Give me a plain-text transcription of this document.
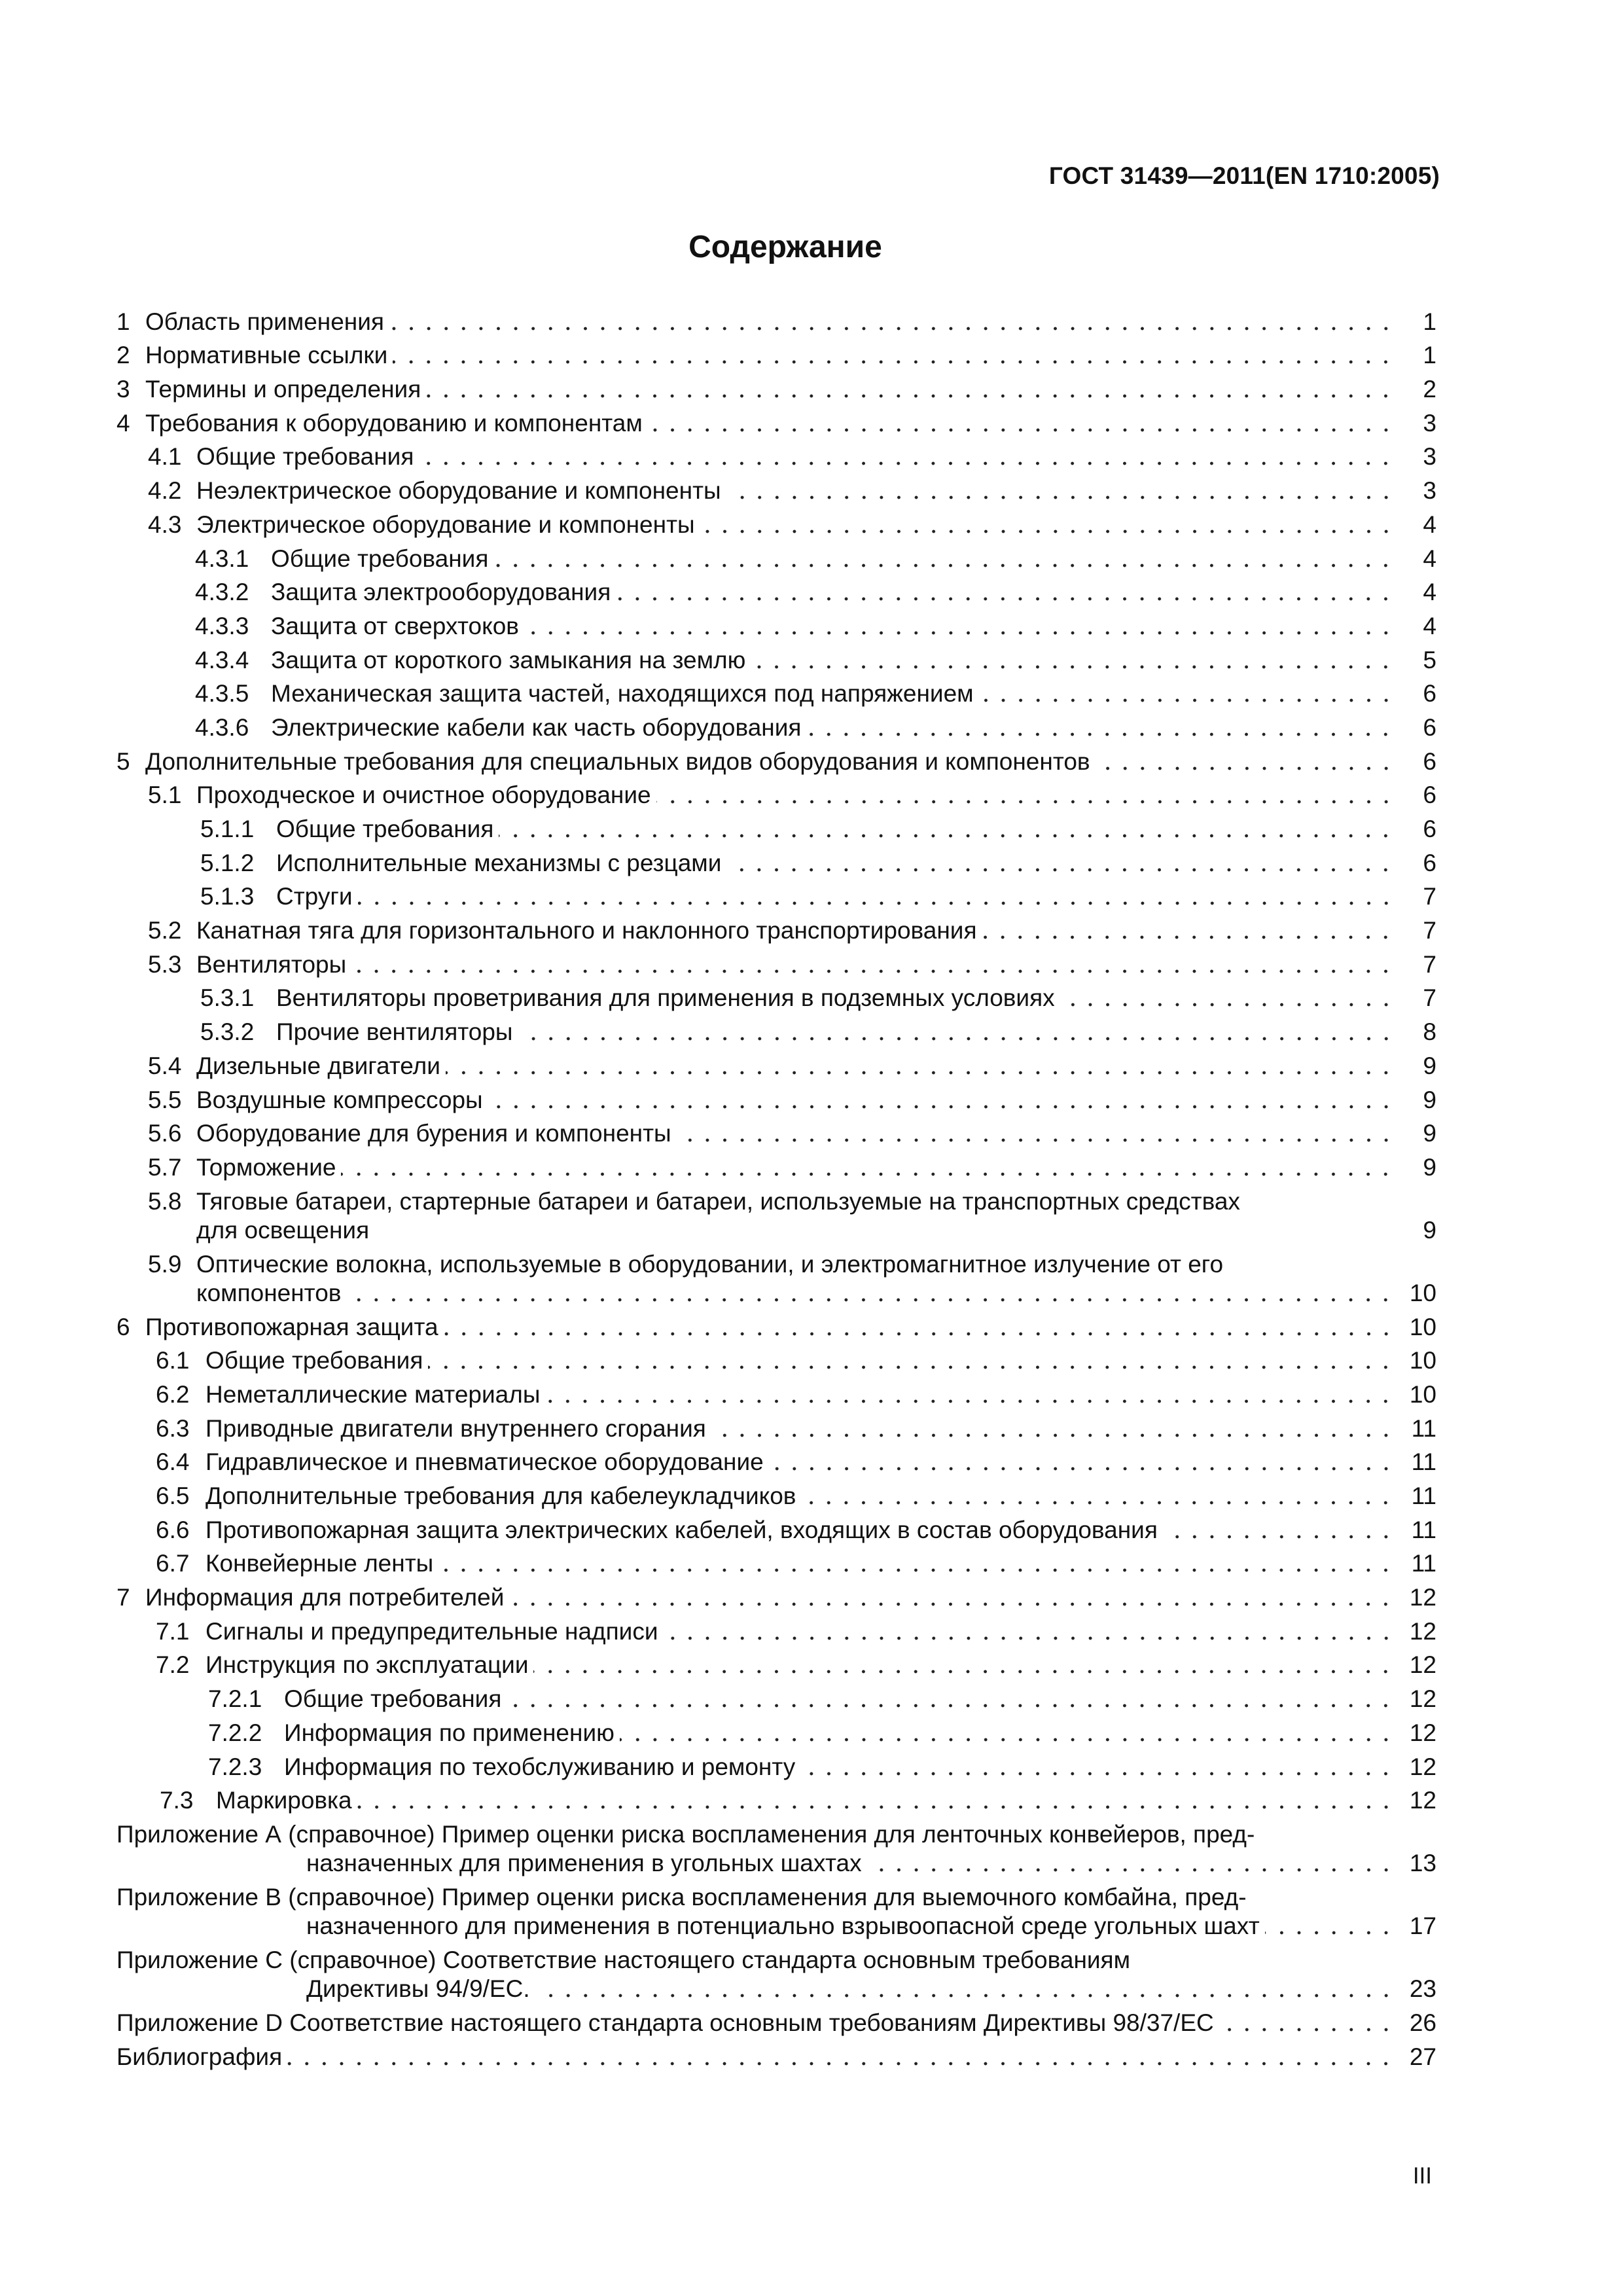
ГОСТ 31439—2011(EN 1710:2005)
Содержание
1 Область применения	1
2 Нормативные ссылки	1
3 Термины и определения	2
4 Требования к оборудованию и компонентам	3
4.1 Общие требования	3
4.2 Неэлектрическое оборудование и компоненты	3
4.3 Электрическое оборудование и компоненты	4
4.3.1 Общие требования	4
4.3.2 Защита электрооборудования	4
4.3.3 Защита от сверхтоков	4
4.3.4 Защита от короткого замыкания на землю	5
4.3.5 Механическая защита частей, находящихся под напряжением	6
4.3.6 Электрические кабели как часть оборудования	6
5 Дополнительные требования для специальных видов оборудования и компонентов	6
5.1 Проходческое и очистное оборудование	6
5.1.1 Общие требования	6
5.1.2 Исполнительные механизмы с резцами	6
5.1.3 Струги	7
5.2 Канатная тяга для горизонтального и наклонного транспортирования	7
5.3 Вентиляторы	7
5.3.1 Вентиляторы проветривания для применения в подземных условиях	7
5.3.2 Прочие вентиляторы	8
5.4 Дизельные двигатели	9
5.5 Воздушные компрессоры	9
5.6 Оборудование для бурения и компоненты	9
5.7 Торможение	9
5.8 Тяговые батареи, стартерные батареи и батареи, используемые на транспортных средствах
для освещения	9
5.9 Оптические волокна, используемые в оборудовании, и электромагнитное излучение от его
компонентов	10
6 Противопожарная защита	10
6.1 Общие требования	10
6.2 Неметаллические материалы	10
6.3 Приводные двигатели внутреннего сгорания	11
6.4 Гидравлическое и пневматическое оборудование	11
6.5 Дополнительные требования для кабелеукладчиков	11
6.6 Противопожарная защита электрических кабелей, входящих в состав оборудования	11
6.7 Конвейерные ленты	11
7 Информация для потребителей	12
7.1 Сигналы и предупредительные надписи	12
7.2 Инструкция по эксплуатации	12
7.2.1 Общие требования	12
7.2.2 Информация по применению	12
7.2.3 Информация по техобслуживанию и ремонту	12
7.3 Маркировка	12
Приложение А (справочное) Пример оценки риска воспламенения для ленточных конвейеров, пред-
назначенных для применения в угольных шахтах	13
Приложение В (справочное) Пример оценки риска воспламенения для выемочного комбайна, пред-
назначенного для применения в потенциально взрывоопасной среде угольных шахт	17
Приложение С (справочное) Соответствие настоящего стандарта основным требованиям
Директивы 94/9/ЕС.	23
Приложение D Соответствие настоящего стандарта основным требованиям Директивы 98/37/ЕС	26
Библиография	27
III
